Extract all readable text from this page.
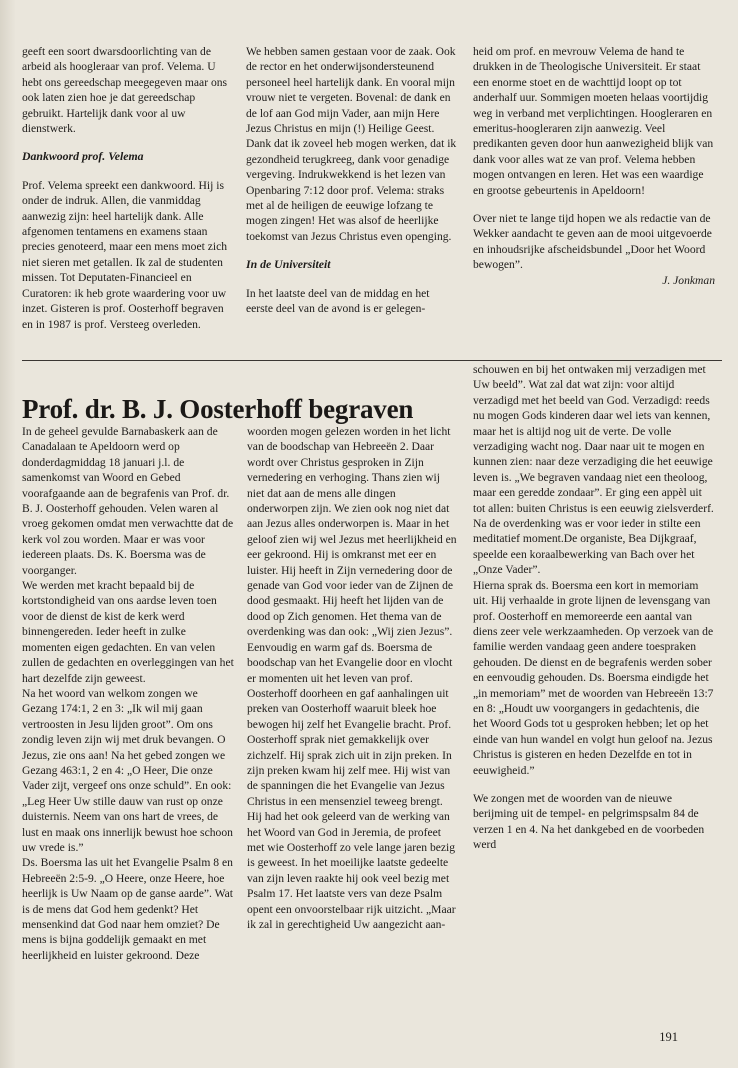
geeft een soort dwarsdoorlichting van de arbeid als hoogleraar van prof. Velema. U hebt ons gereedschap meegegeven maar ons ook laten zien hoe je dat gereedschap gebruikt. Hartelijk dank voor al uw dienstwerk.

Dankwoord prof. Velema

Prof. Velema spreekt een dankwoord. Hij is onder de indruk. Allen, die vanmiddag aanwezig zijn: heel hartelijk dank. Alle afgenomen tentamens en examens staan precies genoteerd, maar een mens moet zich niet sieren met getallen. Ik zal de studenten missen. Tot Deputaten-Financieel en Curatoren: ik heb grote waardering voor uw inzet. Gisteren is prof. Oosterhoff begraven en in 1987 is prof. Versteeg overleden.

We hebben samen gestaan voor de zaak. Ook de rector en het onderwijsondersteunend personeel heel hartelijk dank. En vooral mijn vrouw niet te vergeten. Bovenal: de dank en de lof aan God mijn Vader, aan mijn Here Jezus Christus en mijn (!) Heilige Geest. Dank dat ik zoveel heb mogen werken, dat ik gezondheid terugkreeg, dank voor genadige vergeving. Indrukwekkend is het lezen van Openbaring 7:12 door prof. Velema: straks met al de heiligen de eeuwige lofzang te mogen zingen! Het was alsof de heerlijke toekomst van Jezus Christus even openging.

In de Universiteit

In het laatste deel van de middag en het eerste deel van de avond is er gelegen-

heid om prof. en mevrouw Velema de hand te drukken in de Theologische Universiteit. Er staat een enorme stoet en de wachttijd loopt op tot anderhalf uur. Sommigen moeten helaas voortijdig weg in verband met verplichtingen. Hoogleraren en emeritus-hoogleraren zijn aanwezig. Veel predikanten geven door hun aanwezigheid blijk van dank voor alles wat ze van prof. Velema hebben mogen ontvangen en leren. Het was een waardige en grootse gebeurtenis in Apeldoorn!

Over niet te lange tijd hopen we als redactie van de Wekker aandacht te geven aan de mooi uitgevoerde en inhoudsrijke afscheidsbundel „Door het Woord bewogen”.

J. Jonkman

Prof. dr. B. J. Oosterhoff begraven

In de geheel gevulde Barnabaskerk aan de Canadalaan te Apeldoorn werd op donderdagmiddag 18 januari j.l. de samenkomst van Woord en Gebed voorafgaande aan de begrafenis van Prof. dr. B. J. Oosterhoff gehouden. Velen waren al vroeg gekomen omdat men verwachtte dat de kerk vol zou worden. Maar er was voor iedereen plaats. Ds. K. Boersma was de voorganger.

We werden met kracht bepaald bij de kortstondigheid van ons aardse leven toen voor de dienst de kist de kerk werd binnengereden. Ieder heeft in zulke momenten eigen gedachten. En van velen zullen de gedachten en overleggingen van het hart dezelfde zijn geweest.

Na het woord van welkom zongen we Gezang 174:1, 2 en 3: „Ik wil mij gaan vertroosten in Jesu lijden groot”. Om ons zondig leven zijn wij met druk bevangen. O Jezus, zie ons aan! Na het gebed zongen we Gezang 463:1, 2 en 4: „O Heer, Die onze Vader zijt, vergeef ons onze schuld”. En ook: „Leg Heer Uw stille dauw van rust op onze duisternis. Neem van ons hart de vrees, de lust en maak ons innerlijk bewust hoe schoon uw vrede is.”

Ds. Boersma las uit het Evangelie Psalm 8 en Hebreeën 2:5-9. „O Heere, onze Heere, hoe heerlijk is Uw Naam op de ganse aarde”. Wat is de mens dat God hem gedenkt? Het mensenkind dat God naar hem omziet? De mens is bijna goddelijk gemaakt en met heerlijkheid en luister gekroond. Deze

woorden mogen gelezen worden in het licht van de boodschap van Hebreeën 2. Daar wordt over Christus gesproken in Zijn vernedering en verhoging. Thans zien wij niet dat aan de mens alle dingen onderworpen zijn. We zien ook nog niet dat aan Jezus alles onderworpen is. Maar in het geloof zien wij wel Jezus met heerlijkheid en eer gekroond. Hij is omkranst met eer en luister. Hij heeft in Zijn vernedering door de genade van God voor ieder van de Zijnen de dood gesmaakt. Hij heeft het lijden van de dood op Zich genomen. Het thema van de overdenking was dan ook: „Wij zien Jezus”. Eenvoudig en warm gaf ds. Boersma de boodschap van het Evangelie door en vlocht er momenten uit het leven van prof. Oosterhoff doorheen en gaf aanhalingen uit preken van Oosterhoff waaruit bleek hoe bewogen hij zelf het Evangelie bracht. Prof. Oosterhoff sprak niet gemakkelijk over zichzelf. Hij sprak zich uit in zijn preken. In zijn preken kwam hij zelf mee. Hij wist van de spanningen die het Evangelie van Jezus Christus in een mensenziel teweeg brengt. Hij had het ook geleerd van de werking van het Woord van God in Jeremia, de profeet met wie Oosterhoff zo vele lange jaren bezig is geweest. In het moeilijke laatste gedeelte van zijn leven raakte hij ook veel bezig met Psalm 17. Het laatste vers van deze Psalm opent een onvoorstelbaar rijk uitzicht. „Maar ik zal in gerechtigheid Uw aangezicht aan-

schouwen en bij het ontwaken mij verzadigen met Uw beeld”. Wat zal dat wat zijn: voor altijd verzadigd met het beeld van God. Verzadigd: reeds nu mogen Gods kinderen daar wel iets van kennen, maar het is altijd nog uit de verte. De volle verzadiging wacht nog. Daar naar uit te mogen en kunnen zien: naar deze verzadiging die het eeuwige leven is. „We begraven vandaag niet een theoloog, maar een geredde zondaar”. Er ging een appèl uit tot allen: buiten Christus is een eeuwig zielsverderf.

Na de overdenking was er voor ieder in stilte een meditatief moment.De organiste, Bea Dijkgraaf, speelde een koraalbewerking van Bach over het „Onze Vader”.

Hierna sprak ds. Boersma een kort in memoriam uit. Hij verhaalde in grote lijnen de levensgang van prof. Oosterhoff en memoreerde een aantal van diens zeer vele werkzaamheden. Op verzoek van de familie werden vandaag geen andere toespraken gehouden. De dienst en de begrafenis werden sober en eenvoudig gehouden. Ds. Boersma eindigde het „in memoriam” met de woorden van Hebreeën 13:7 en 8: „Houdt uw voorgangers in gedachtenis, die het Woord Gods tot u gesproken hebben; let op het einde van hun wandel en volgt hun geloof na. Jezus Christus is gisteren en heden Dezelfde en tot in eeuwigheid.”

We zongen met de woorden van de nieuwe berijming uit de tempel- en pelgrimspsalm 84 de verzen 1 en 4. Na het dankgebed en de voorbeden werd

191
